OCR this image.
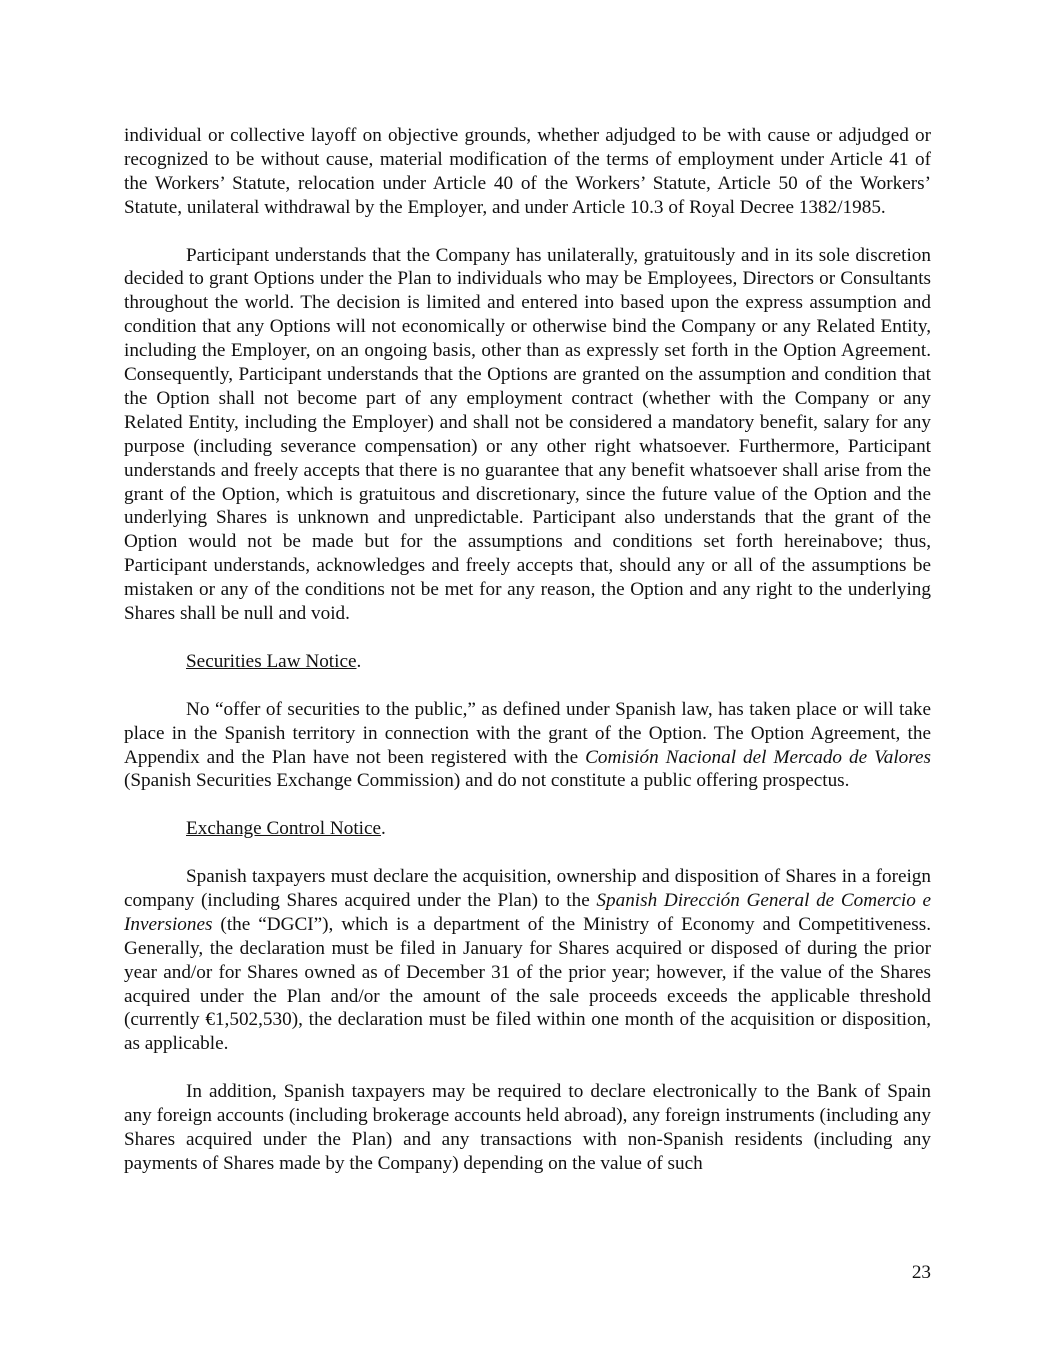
individual or collective layoff on objective grounds, whether adjudged to be with cause or adjudged or recognized to be without cause, material modification of the terms of employment under Article 41 of the Workers’ Statute, relocation under Article 40 of the Workers’ Statute, Article 50 of the Workers’ Statute, unilateral withdrawal by the Employer, and under Article 10.3 of Royal Decree 1382/1985.

Participant understands that the Company has unilaterally, gratuitously and in its sole discretion decided to grant Options under the Plan to individuals who may be Employees, Directors or Consultants throughout the world. The decision is limited and entered into based upon the express assumption and condition that any Options will not economically or otherwise bind the Company or any Related Entity, including the Employer, on an ongoing basis, other than as expressly set forth in the Option Agreement. Consequently, Participant understands that the Options are granted on the assumption and condition that the Option shall not become part of any employment contract (whether with the Company or any Related Entity, including the Employer) and shall not be considered a mandatory benefit, salary for any purpose (including severance compensation) or any other right whatsoever. Furthermore, Participant understands and freely accepts that there is no guarantee that any benefit whatsoever shall arise from the grant of the Option, which is gratuitous and discretionary, since the future value of the Option and the underlying Shares is unknown and unpredictable. Participant also understands that the grant of the Option would not be made but for the assumptions and conditions set forth hereinabove; thus, Participant understands, acknowledges and freely accepts that, should any or all of the assumptions be mistaken or any of the conditions not be met for any reason, the Option and any right to the underlying Shares shall be null and void.

Securities Law Notice.

No “offer of securities to the public,” as defined under Spanish law, has taken place or will take place in the Spanish territory in connection with the grant of the Option. The Option Agreement, the Appendix and the Plan have not been registered with the Comisión Nacional del Mercado de Valores (Spanish Securities Exchange Commission) and do not constitute a public offering prospectus.

Exchange Control Notice.

Spanish taxpayers must declare the acquisition, ownership and disposition of Shares in a foreign company (including Shares acquired under the Plan) to the Spanish Dirección General de Comercio e Inversiones (the “DGCI”), which is a department of the Ministry of Economy and Competitiveness. Generally, the declaration must be filed in January for Shares acquired or disposed of during the prior year and/or for Shares owned as of December 31 of the prior year; however, if the value of the Shares acquired under the Plan and/or the amount of the sale proceeds exceeds the applicable threshold (currently €1,502,530), the declaration must be filed within one month of the acquisition or disposition, as applicable.

In addition, Spanish taxpayers may be required to declare electronically to the Bank of Spain any foreign accounts (including brokerage accounts held abroad), any foreign instruments (including any Shares acquired under the Plan) and any transactions with non-Spanish residents (including any payments of Shares made by the Company) depending on the value of such

23
